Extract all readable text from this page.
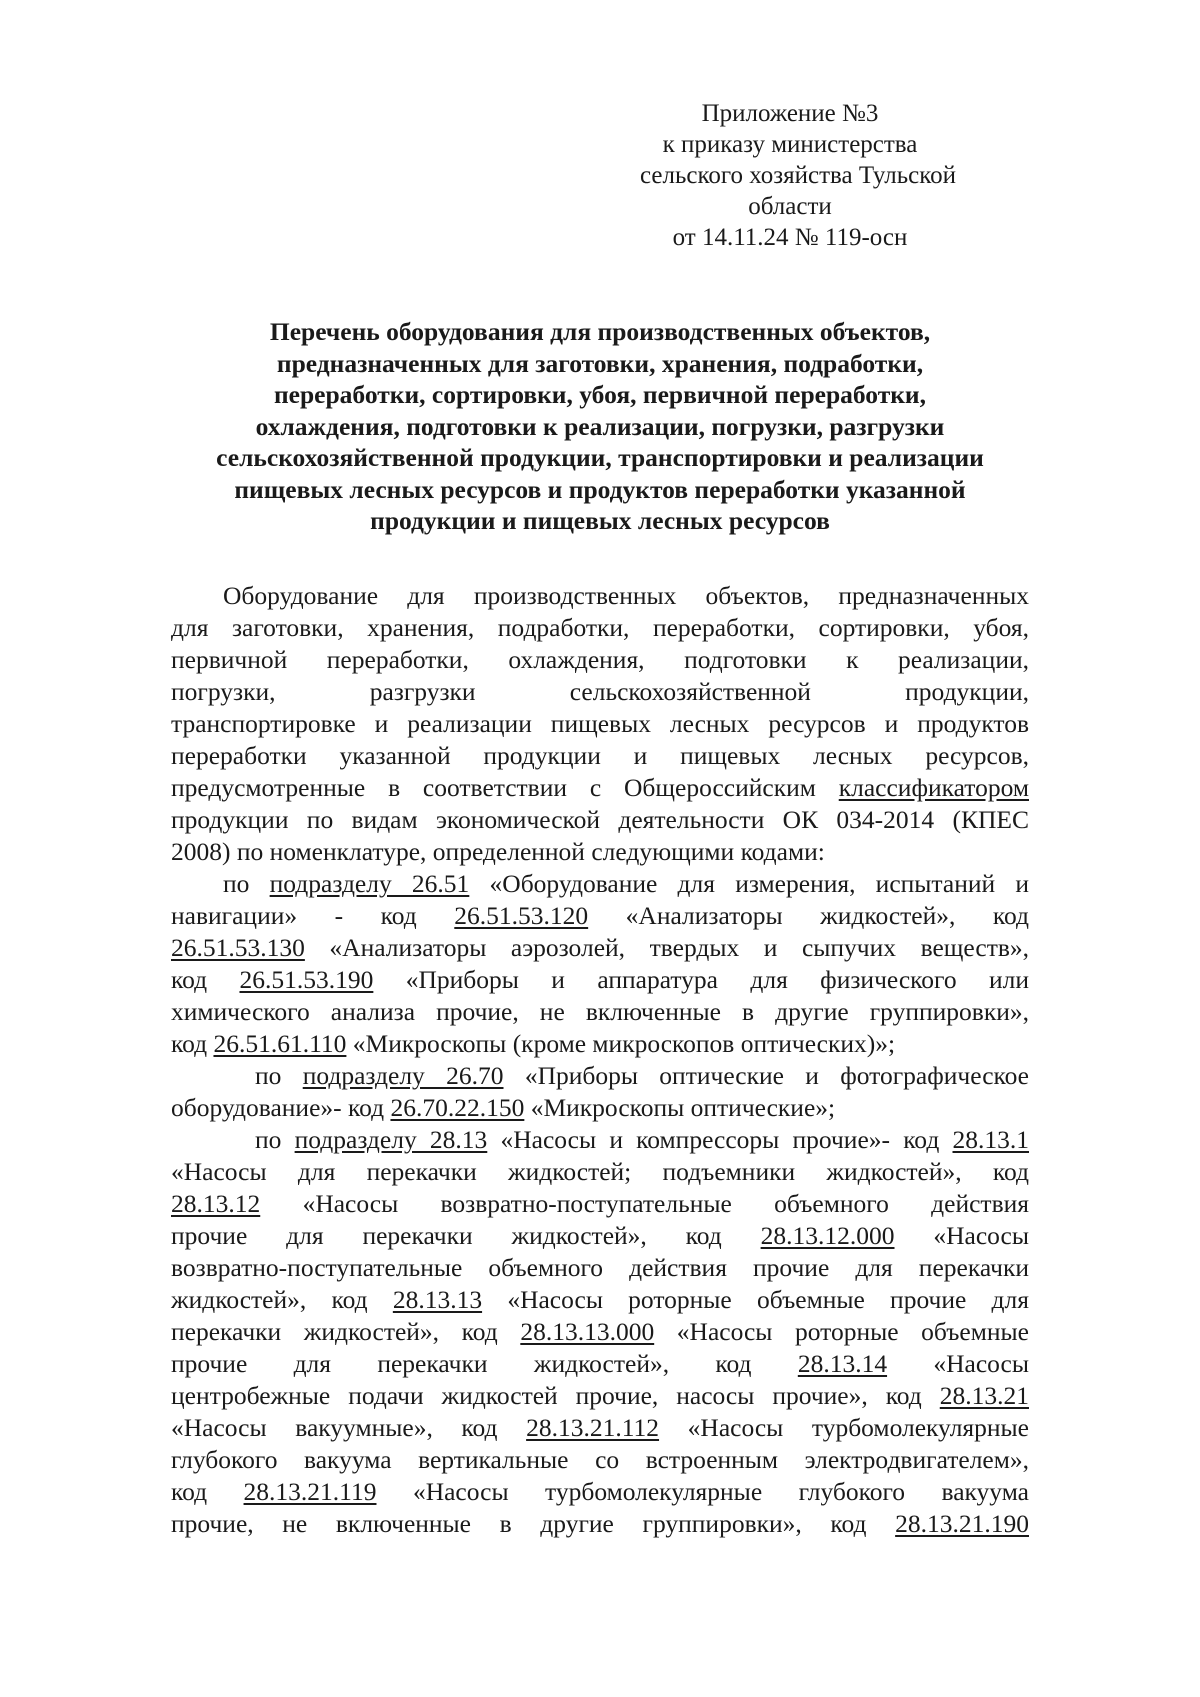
Приложение №3
к приказу министерства
сельского хозяйства Тульской
области
от 14.11.24 № 119-осн
Перечень оборудования для производственных объектов,
предназначенных для заготовки, хранения, подработки,
переработки, сортировки, убоя, первичной переработки,
охлаждения, подготовки к реализации, погрузки, разгрузки
сельскохозяйственной продукции, транспортировки и реализации
пищевых лесных ресурсов и продуктов переработки указанной
продукции и пищевых лесных ресурсов
Оборудование для производственных объектов, предназначенных
для заготовки, хранения, подработки, переработки, сортировки, убоя,
первичной переработки, охлаждения, подготовки к реализации,
погрузки, разгрузки сельскохозяйственной продукции,
транспортировке и реализации пищевых лесных ресурсов и продуктов
переработки указанной продукции и пищевых лесных ресурсов,
предусмотренные в соответствии с Общероссийским классификатором
продукции по видам экономической деятельности ОК 034-2014 (КПЕС
2008) по номенклатуре, определенной следующими кодами:
по подразделу 26.51 «Оборудование для измерения, испытаний и
навигации» - код 26.51.53.120 «Анализаторы жидкостей», код
26.51.53.130 «Анализаторы аэрозолей, твердых и сыпучих веществ»,
код 26.51.53.190 «Приборы и аппаратура для физического или
химического анализа прочие, не включенные в другие группировки»,
код 26.51.61.110 «Микроскопы (кроме микроскопов оптических)»;
по подразделу 26.70 «Приборы оптические и фотографическое
оборудование»- код 26.70.22.150 «Микроскопы оптические»;
по подразделу 28.13 «Насосы и компрессоры прочие»- код 28.13.1
«Насосы для перекачки жидкостей; подъемники жидкостей», код
28.13.12 «Насосы возвратно-поступательные объемного действия
прочие для перекачки жидкостей», код 28.13.12.000 «Насосы
возвратно-поступательные объемного действия прочие для перекачки
жидкостей», код 28.13.13 «Насосы роторные объемные прочие для
перекачки жидкостей», код 28.13.13.000 «Насосы роторные объемные
прочие для перекачки жидкостей», код 28.13.14 «Насосы
центробежные подачи жидкостей прочие, насосы прочие», код 28.13.21
«Насосы вакуумные», код 28.13.21.112 «Насосы турбомолекулярные
глубокого вакуума вертикальные со встроенным электродвигателем»,
код 28.13.21.119 «Насосы турбомолекулярные глубокого вакуума
прочие, не включенные в другие группировки», код 28.13.21.190
